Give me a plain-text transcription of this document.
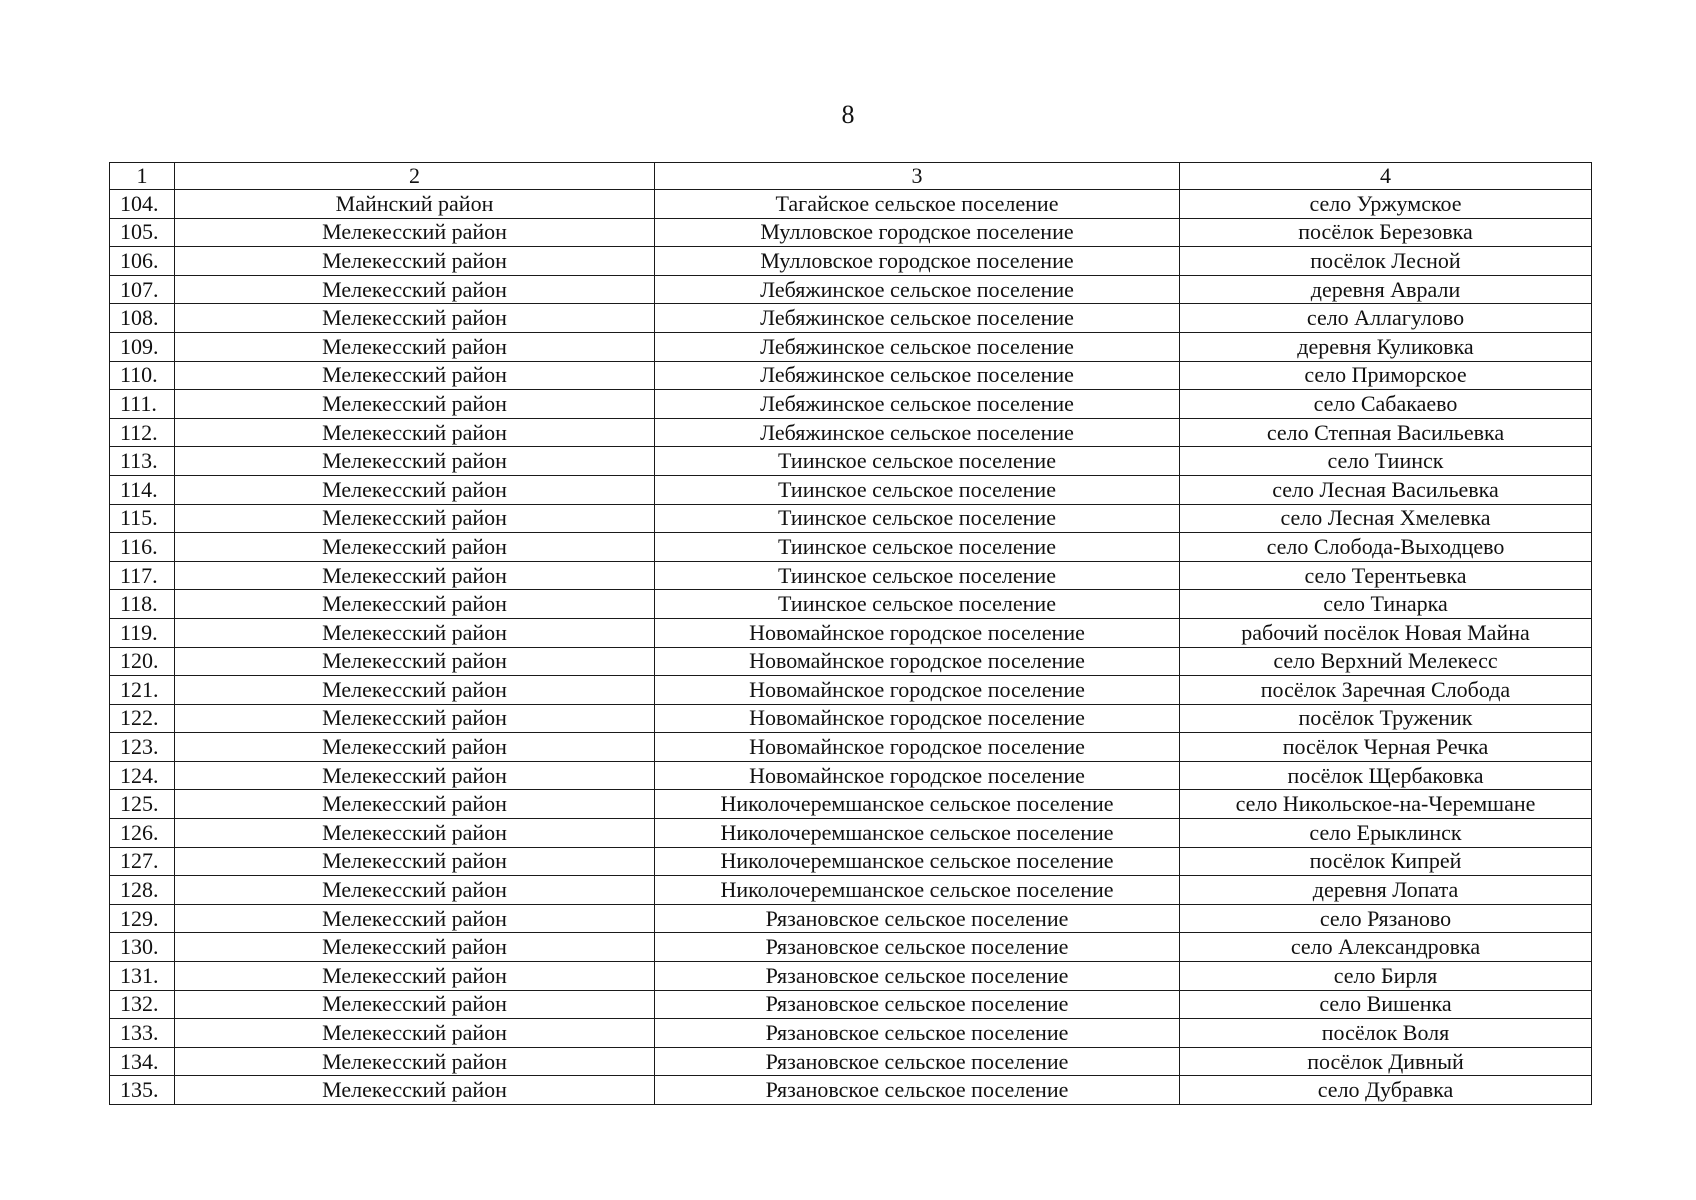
8
1	2	3	4
104.	Майнский район	Тагайское сельское поселение	село Уржумское
105.	Мелекесский район	Мулловское городское поселение	посёлок Березовка
106.	Мелекесский район	Мулловское городское поселение	посёлок Лесной
107.	Мелекесский район	Лебяжинское сельское поселение	деревня Аврали
108.	Мелекесский район	Лебяжинское сельское поселение	село Аллагулово
109.	Мелекесский район	Лебяжинское сельское поселение	деревня Куликовка
110.	Мелекесский район	Лебяжинское сельское поселение	село Приморское
111.	Мелекесский район	Лебяжинское сельское поселение	село Сабакаево
112.	Мелекесский район	Лебяжинское сельское поселение	село Степная Васильевка
113.	Мелекесский район	Тиинское сельское поселение	село Тиинск
114.	Мелекесский район	Тиинское сельское поселение	село Лесная Васильевка
115.	Мелекесский район	Тиинское сельское поселение	село Лесная Хмелевка
116.	Мелекесский район	Тиинское сельское поселение	село Слобода-Выходцево
117.	Мелекесский район	Тиинское сельское поселение	село Терентьевка
118.	Мелекесский район	Тиинское сельское поселение	село Тинарка
119.	Мелекесский район	Новомайнское городское поселение	рабочий посёлок Новая Майна
120.	Мелекесский район	Новомайнское городское поселение	село Верхний Мелекесс
121.	Мелекесский район	Новомайнское городское поселение	посёлок Заречная Слобода
122.	Мелекесский район	Новомайнское городское поселение	посёлок Труженик
123.	Мелекесский район	Новомайнское городское поселение	посёлок Черная Речка
124.	Мелекесский район	Новомайнское городское поселение	посёлок Щербаковка
125.	Мелекесский район	Николочеремшанское сельское поселение	село Никольское-на-Черемшане
126.	Мелекесский район	Николочеремшанское сельское поселение	село Ерыклинск
127.	Мелекесский район	Николочеремшанское сельское поселение	посёлок Кипрей
128.	Мелекесский район	Николочеремшанское сельское поселение	деревня Лопата
129.	Мелекесский район	Рязановское сельское поселение	село Рязаново
130.	Мелекесский район	Рязановское сельское поселение	село Александровка
131.	Мелекесский район	Рязановское сельское поселение	село Бирля
132.	Мелекесский район	Рязановское сельское поселение	село Вишенка
133.	Мелекесский район	Рязановское сельское поселение	посёлок Воля
134.	Мелекесский район	Рязановское сельское поселение	посёлок Дивный
135.	Мелекесский район	Рязановское сельское поселение	село Дубравка
